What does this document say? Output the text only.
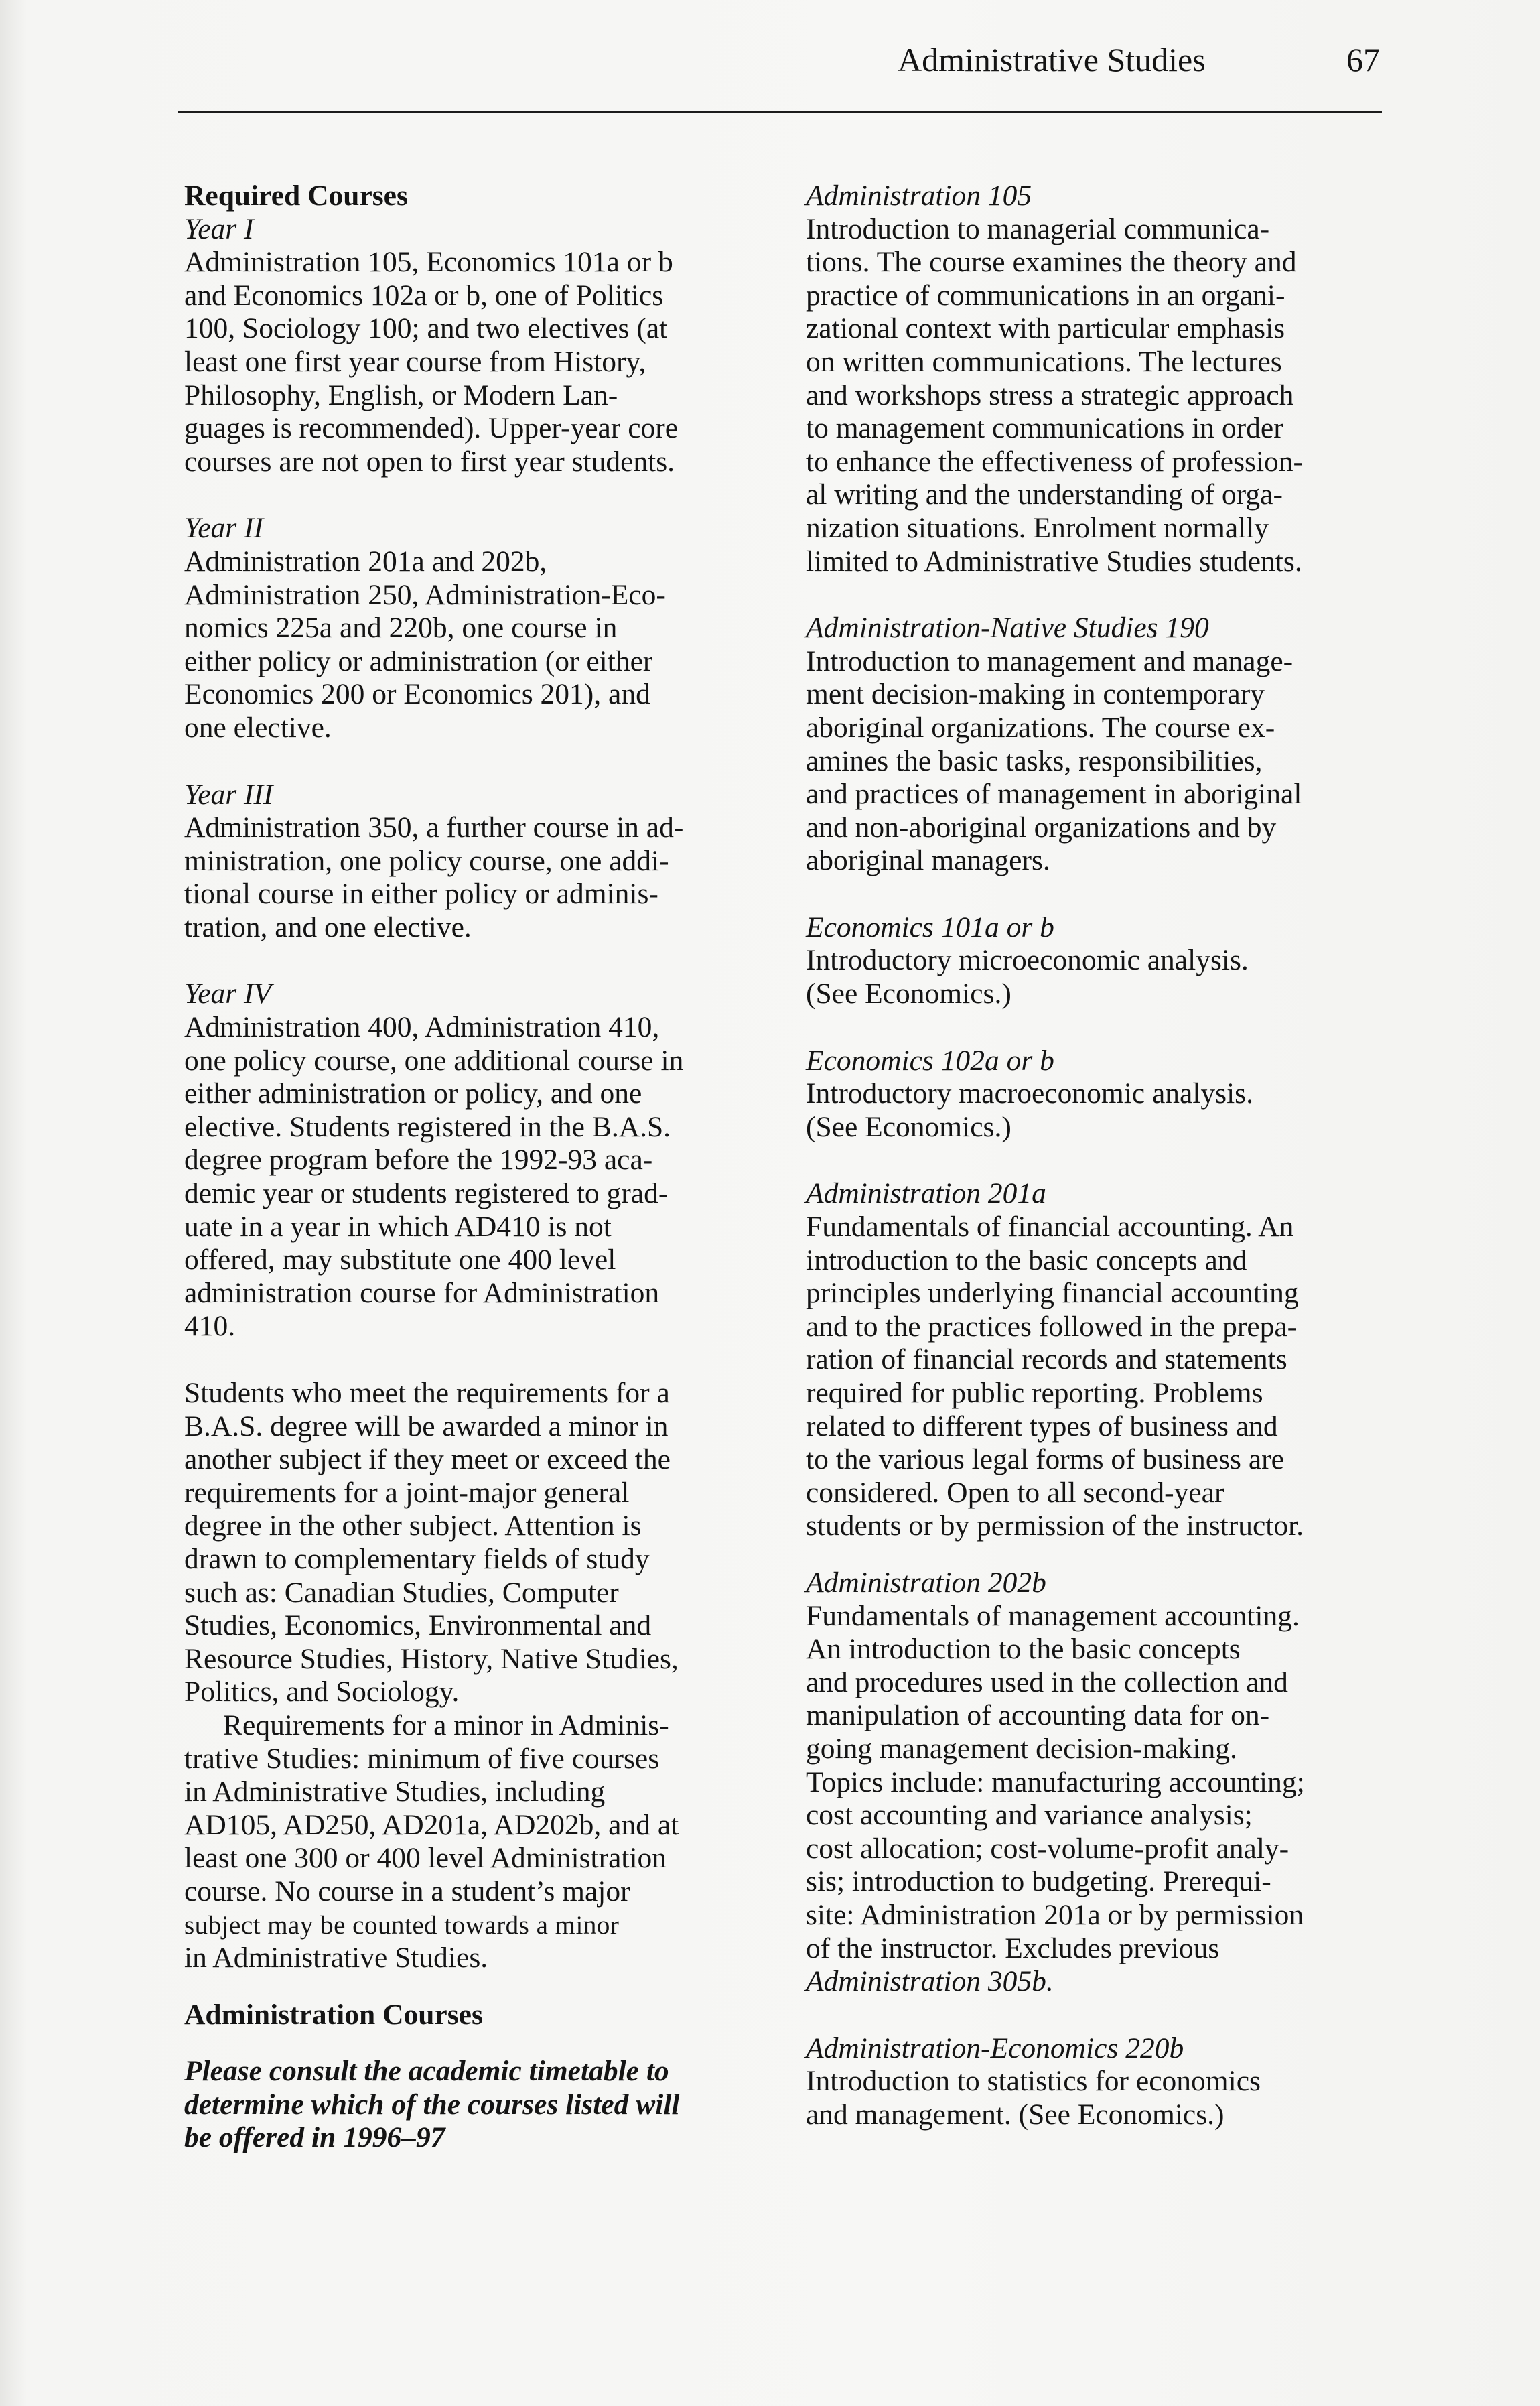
Administrative Studies	67

Required Courses

Year I

Administration 105, Economics 101a or b
and Economics 102a or b, one of Politics
100, Sociology 100; and two electives (at
least one first year course from History,
Philosophy, English, or Modern Lan-
guages is recommended). Upper-year core
courses are not open to first year students.

Year II

Administration 201a and 202b,
Administration 250, Administration-Eco-
nomics 225a and 220b, one course in
either policy or administration (or either
Economics 200 or Economics 201), and
one elective.

Year III

Administration 350, a further course in ad-
ministration, one policy course, one addi-
tional course in either policy or adminis-
tration, and one elective.

Year IV

Administration 400, Administration 410,
one policy course, one additional course in
either administration or policy, and one
elective. Students registered in the B.A.S.
degree program before the 1992-93 aca-
demic year or students registered to grad-
uate in a year in which AD410 is not
offered, may substitute one 400 level
administration course for Administration
410.
Students who meet the requirements for a
B.A.S. degree will be awarded a minor in
another subject if they meet or exceed the
requirements for a joint-major general
degree in the other subject. Attention is
drawn to complementary fields of study
such as: Canadian Studies, Computer
Studies, Economics, Environmental and
Resource Studies, History, Native Studies,
Politics, and Sociology.
Requirements for a minor in Adminis-
trative Studies: minimum of five courses
in Administrative Studies, including
AD105, AD250, AD201a, AD202b, and at
least one 300 or 400 level Administration
course. No course in a student’s major
subject may be counted towards a minor
in Administrative Studies.

Administration Courses

Please consult the academic timetable to
determine which of the courses listed will
be offered in 1996–97

Administration 105

Introduction to managerial communica-
tions. The course examines the theory and
practice of communications in an organi-
zational context with particular emphasis
on written communications. The lectures
and workshops stress a strategic approach
to management communications in order
to enhance the effectiveness of profession-
al writing and the understanding of orga-
nization situations. Enrolment normally
limited to Administrative Studies students.

Administration-Native Studies 190

Introduction to management and manage-
ment decision-making in contemporary
aboriginal organizations. The course ex-
amines the basic tasks, responsibilities,
and practices of management in aboriginal
and non-aboriginal organizations and by
aboriginal managers.

Economics 101a or b

Introductory microeconomic analysis.
(See Economics.)

Economics 102a or b

Introductory macroeconomic analysis.
(See Economics.)

Administration 201a

Fundamentals of financial accounting. An
introduction to the basic concepts and
principles underlying financial accounting
and to the practices followed in the prepa-
ration of financial records and statements
required for public reporting. Problems
related to different types of business and
to the various legal forms of business are
considered. Open to all second-year
students or by permission of the instructor.

Administration 202b

Fundamentals of management accounting.
An introduction to the basic concepts
and procedures used in the collection and
manipulation of accounting data for on-
going management decision-making.
Topics include: manufacturing accounting;
cost accounting and variance analysis;
cost allocation; cost-volume-profit analy-
sis; introduction to budgeting. Prerequi-
site: Administration 201a or by permission
of the instructor. Excludes previous
Administration 305b.

Administration-Economics 220b

Introduction to statistics for economics
and management. (See Economics.)
